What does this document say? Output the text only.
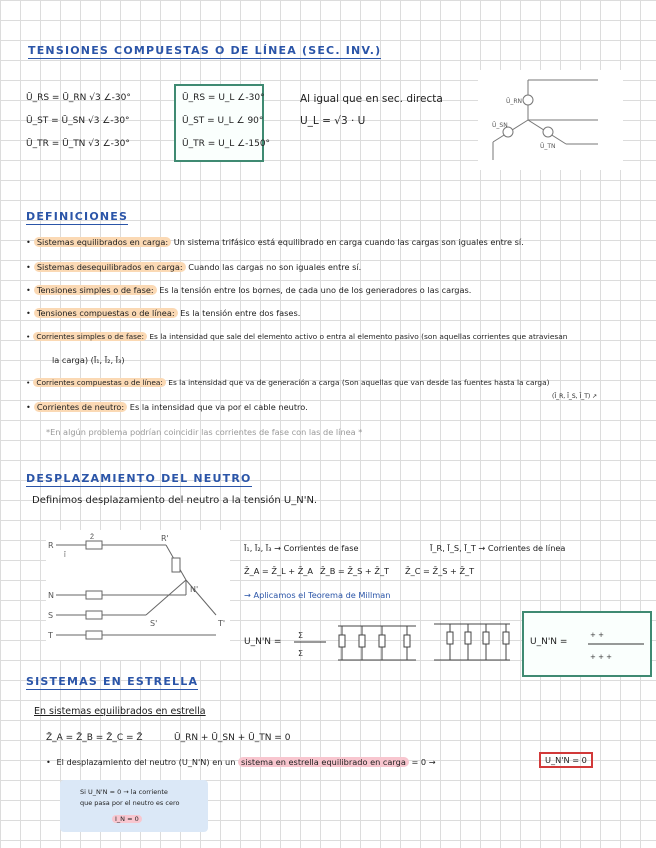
TENSIONES COMPUESTAS O DE LÍNEA (SEC. INV.)
Ū_RS = Ū_RN √3 ∠-30°
Ū_ST = Ū_SN √3 ∠-30°
Ū_TR = Ū_TN √3 ∠-30°
Ū_RS = U_L ∠-30°
Ū_ST = U_L ∠ 90°
Ū_TR = U_L ∠-150°
Al igual que en sec. directa
U_L = √3 · U
Ū_RN
Ū_SN
Ū_TN
DEFINICIONES
• Sistemas equilibrados en carga: Un sistema trifásico está equilibrado en carga cuando las cargas son iguales entre sí.
• Sistemas desequilibrados en carga: Cuando las cargas no son iguales entre sí.
• Tensiones simples o de fase: Es la tensión entre los bornes, de cada uno de los generadores o las cargas.
• Tensiones compuestas o de línea: Es la tensión entre dos fases.
• Corrientes simples o de fase: Es la intensidad que sale del elemento activo o entra al elemento pasivo (son aquellas corrientes que atraviesan
la carga) (Ī₁, Ī₂, Ī₃)
• Corrientes compuestas o de línea: Es la intensidad que va de generación a carga (Son aquellas que van desde las fuentes hasta la carga)
(Ī_R, Ī_S, Ī_T) ↗
• Corrientes de neutro: Es la intensidad que va por el cable neutro.
*En algún problema podrían coincidir las corrientes de fase con las de línea *
DESPLAZAMIENTO DEL NEUTRO
Definimos desplazamiento del neutro a la tensión U_N'N.
R
R'
N
N'
S
S'
T
T'
Z̄
Ī
Ī₁, Ī₂, Ī₃ → Corrientes de fase	Ī_R, Ī_S, Ī_T → Corrientes de línea
Z̄_A = Z̄_L + Z̄_A Z̄_B = Z̄_S + Z̄_T Z̄_C = Z̄_S + Z̄_T
→ Aplicamos el Teorema de Millman
U_N'N =
Σ
Σ
U_N'N =
+ +
+ + +
SISTEMAS EN ESTRELLA
En sistemas equilibrados en estrella
Z̄_A = Z̄_B = Z̄_C = Z̄	Ū_RN + Ū_SN + Ū_TN = 0
• El desplazamiento del neutro (U_N'N) en un sistema en estrella equilibrado en carga = 0 →	U_N'N = 0
Si U_N'N = 0 → la corriente
que pasa por el neutro es cero
I_N = 0
